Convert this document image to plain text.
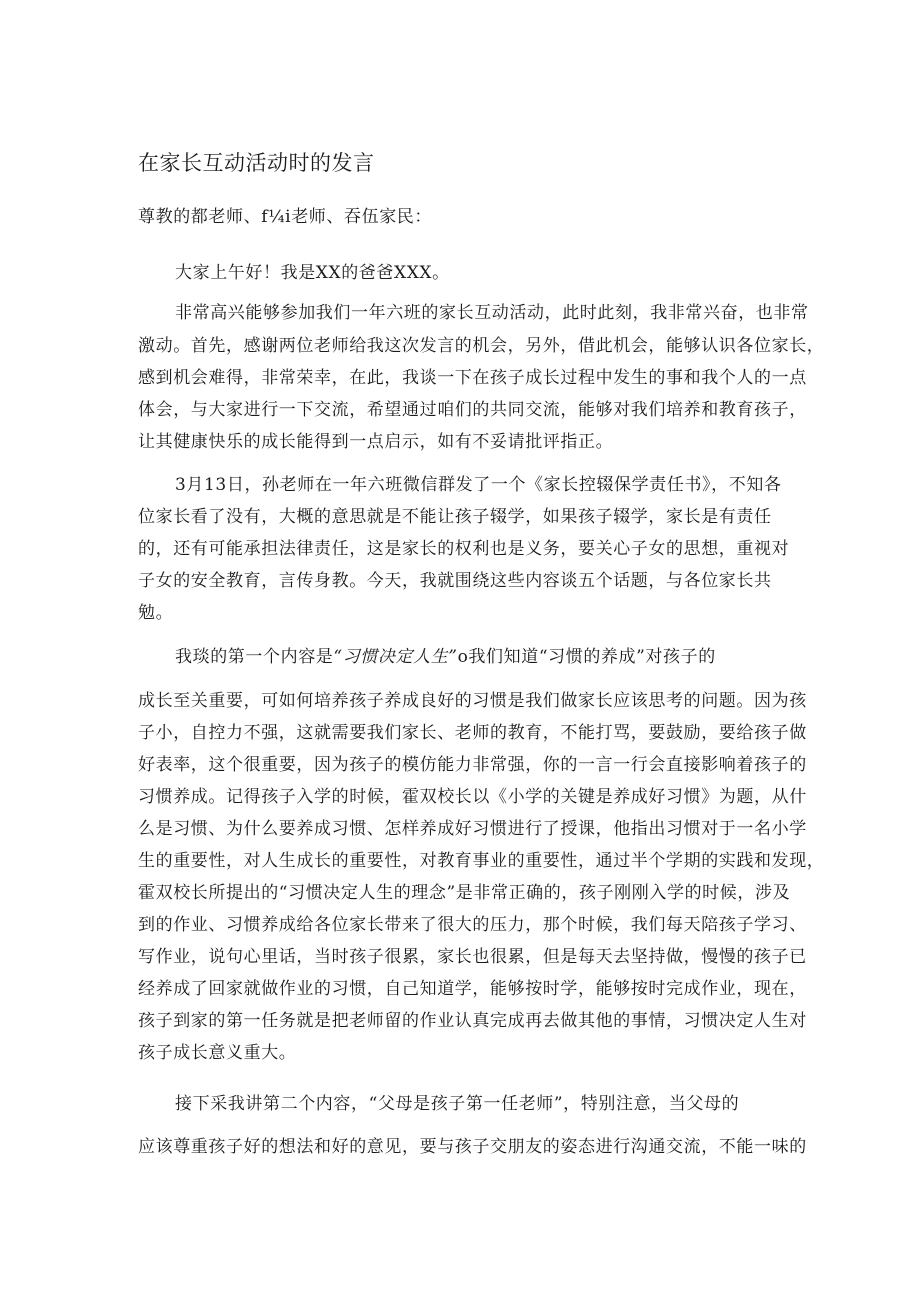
在家长互动活动时的发言
尊教的都老师、f¼i老师、吞伍家民：
大家上午好！我是XX的爸爸XXX。
非常高兴能够参加我们一年六班的家长互动活动，此时此刻，我非常兴奋，也非常
激动。首先，感谢两位老师给我这次发言的机会，另外，借此机会，能够认识各位家长，
感到机会难得，非常荣幸，在此，我谈一下在孩子成长过程中发生的事和我个人的一点
体会，与大家进行一下交流，希望通过咱们的共同交流，能够对我们培养和教育孩子，
让其健康快乐的成长能得到一点启示，如有不妥请批评指正。
3月13日，孙老师在一年六班微信群发了一个《家长控辍保学责任书》，不知各
位家长看了没有，大概的意思就是不能让孩子辍学，如果孩子辍学，家长是有责任
的，还有可能承担法律责任，这是家长的权利也是义务，要关心子女的思想，重视对
子女的安全教育，言传身教。今天，我就围绕这些内容谈五个话题，与各位家长共
勉。
我琰的第一个内容是“习惯决定人生”o我们知道“习惯的养成”对孩子的
成长至关重要，可如何培养孩子养成良好的习惯是我们做家长应该思考的问题。因为孩
子小，自控力不强，这就需要我们家长、老师的教育，不能打骂，要鼓励，要给孩子做
好表率，这个很重要，因为孩子的模仿能力非常强，你的一言一行会直接影响着孩子的
习惯养成。记得孩子入学的时候，霍双校长以《小学的关键是养成好习惯》为题，从什
么是习惯、为什么要养成习惯、怎样养成好习惯进行了授课，他指出习惯对于一名小学
生的重要性，对人生成长的重要性，对教育事业的重要性，通过半个学期的实践和发现，
霍双校长所提出的“习惯决定人生的理念”是非常正确的，孩子刚刚入学的时候，涉及
到的作业、习惯养成给各位家长带来了很大的压力，那个时候，我们每天陪孩子学习、
写作业，说句心里话，当时孩子很累，家长也很累，但是每天去坚持做，慢慢的孩子已
经养成了回家就做作业的习惯，自己知道学，能够按时学，能够按时完成作业，现在，
孩子到家的第一任务就是把老师留的作业认真完成再去做其他的事情，习惯决定人生对
孩子成长意义重大。
接下采我讲第二个内容，“父母是孩子第一任老师”，特别注意，当父母的
应该尊重孩子好的想法和好的意见，要与孩子交朋友的姿态进行沟通交流，不能一味的
